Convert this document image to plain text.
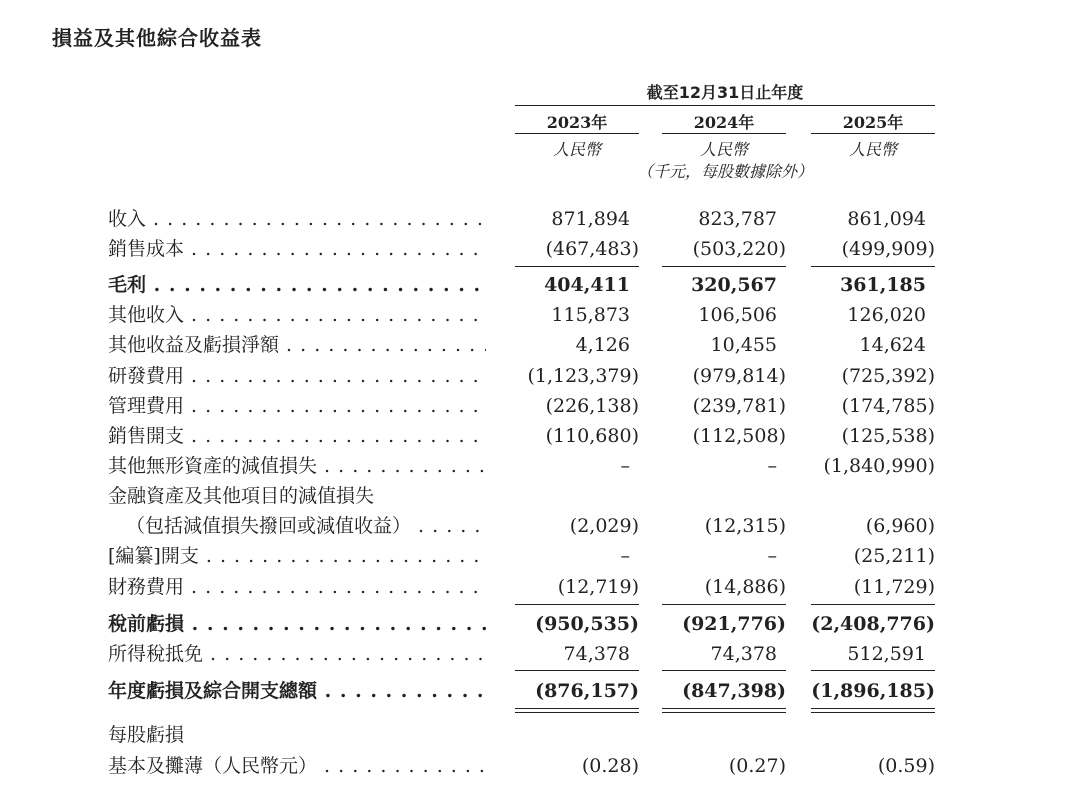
損益及其他綜合收益表
截至12月31日止年度
2023年	2024年	2025年
人民幣	人民幣	人民幣
（千元，每股數據除外）
收入 . . .	871,894	823,787	861,094
銷售成本 . . .	(467,483)	(503,220)	(499,909)
毛利 . . .	404,411	320,567	361,185
其他收入 . . .	115,873	106,506	126,020
其他收益及虧損淨額 . . .	4,126	10,455	14,624
研發費用 . . .	(1,123,379)	(979,814)	(725,392)
管理費用 . . .	(226,138)	(239,781)	(174,785)
銷售開支 . . .	(110,680)	(112,508)	(125,538)
其他無形資產的減值損失 . . .	–	–	(1,840,990)
金融資產及其他項目的減值損失
（包括減值損失撥回或減值收益） . . .	(2,029)	(12,315)	(6,960)
[編纂]開支 . . .	–	–	(25,211)
財務費用 . . .	(12,719)	(14,886)	(11,729)
稅前虧損 . . .	(950,535)	(921,776) (2,408,776)
所得稅抵免 . . .	74,378	74,378	512,591
年度虧損及綜合開支總額 . . .	(876,157)	(847,398) (1,896,185)
每股虧損
基本及攤薄（人民幣元） . . .	(0.28)	(0.27)	(0.59)
